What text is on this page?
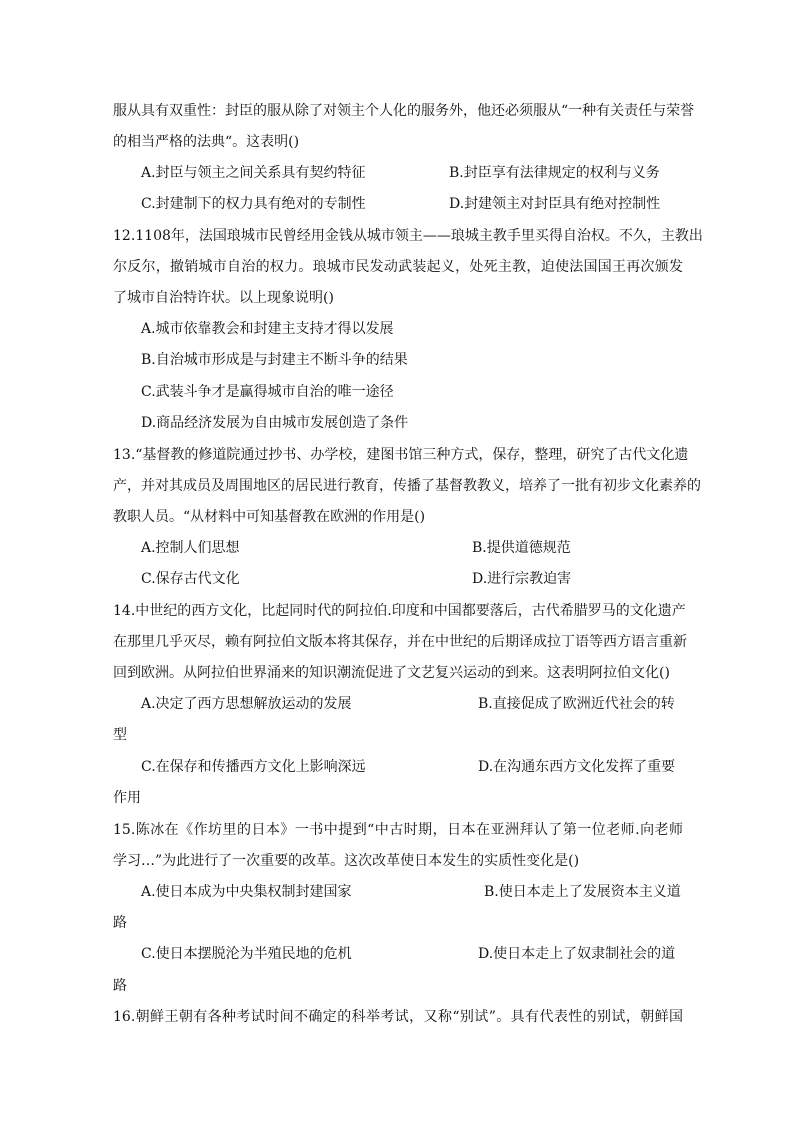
服从具有双重性：封臣的服从除了对领主个人化的服务外，他还必须服从“一种有关责任与荣誉
的相当严格的法典“。这表明()
A.封臣与领主之间关系具有契约特征	B.封臣享有法律规定的权利与义务
C.封建制下的权力具有绝对的专制性	D.封建领主对封臣具有绝对控制性
12.1108年，法国琅城市民曾经用金钱从城市领主——琅城主教手里买得自治权。不久，主教出
尔反尔，撤销城市自治的权力。琅城市民发动武装起义，处死主教，迫使法国国王再次颁发
了城市自治特许状。以上现象说明()
A.城市依靠教会和封建主支持才得以发展
B.自治城市形成是与封建主不断斗争的结果
C.武装斗争才是赢得城市自治的唯一途径
D.商品经济发展为自由城市发展创造了条件
13.“基督教的修道院通过抄书、办学校，建图书馆三种方式，保存，整理，研究了古代文化遗
产，并对其成员及周围地区的居民进行教育，传播了基督教教义，培养了一批有初步文化素养的
教职人员。“从材料中可知基督教在欧洲的作用是()
A.控制人们思想	B.提供道德规范
C.保存古代文化	D.进行宗教迫害
14.中世纪的西方文化，比起同时代的阿拉伯.印度和中国都要落后，古代希腊罗马的文化遗产
在那里几乎灭尽，赖有阿拉伯文版本将其保存，并在中世纪的后期译成拉丁语等西方语言重新
回到欧洲。从阿拉伯世界涌来的知识潮流促进了文艺复兴运动的到来。这表明阿拉伯文化()
A.决定了西方思想解放运动的发展	B.直接促成了欧洲近代社会的转
型
C.在保存和传播西方文化上影响深远	D.在沟通东西方文化发挥了重要
作用
15.陈冰在《作坊里的日本》一书中提到“中古时期，日本在亚洲拜认了第一位老师.向老师
学习…”为此进行了一次重要的改革。这次改革使日本发生的实质性变化是()
A.使日本成为中央集权制封建国家	B.使日本走上了发展资本主义道
路
C.使日本摆脱沦为半殖民地的危机	D.使日本走上了奴隶制社会的道
路
16.朝鲜王朝有各种考试时间不确定的科举考试，又称“别试”。具有代表性的别试，朝鲜国
